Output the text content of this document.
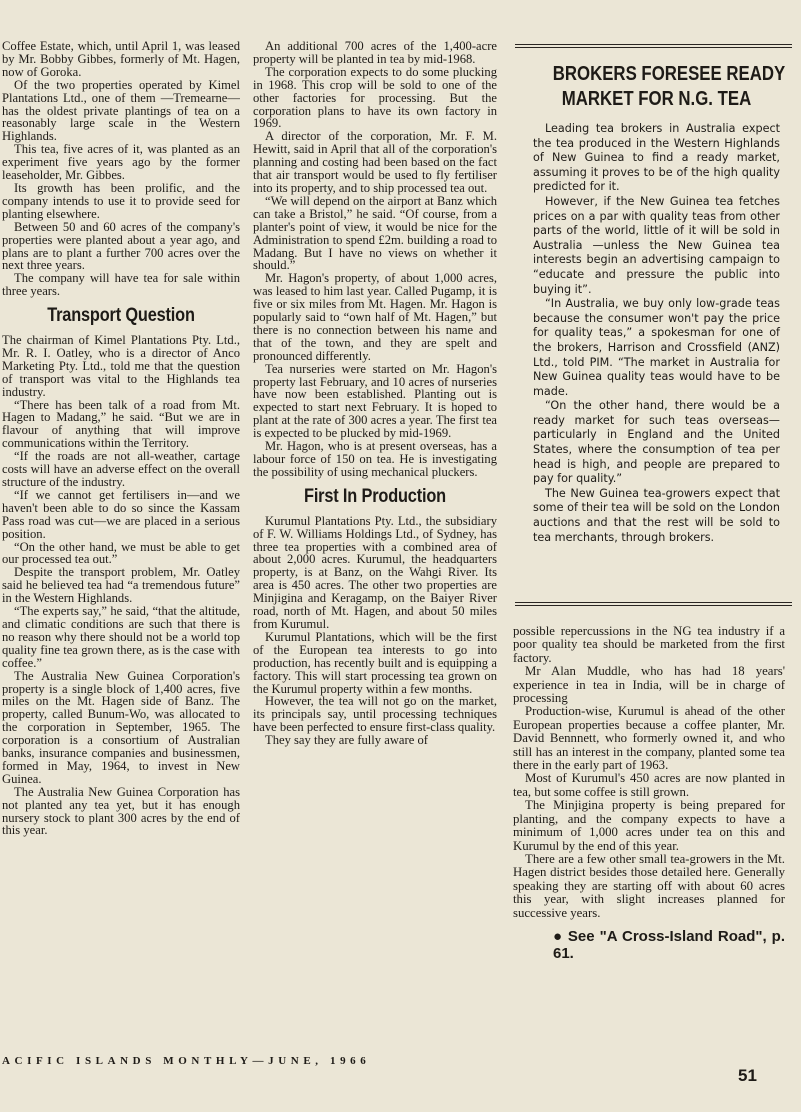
Coffee Estate, which, until April 1, was leased by Mr. Bobby Gibbes, formerly of Mt. Hagen, now of Goroka.

Of the two properties operated by Kimel Plantations Ltd., one of them —Tremearne—has the oldest private plantings of tea on a reasonably large scale in the Western Highlands.

This tea, five acres of it, was planted as an experiment five years ago by the former leaseholder, Mr. Gibbes.

Its growth has been prolific, and the company intends to use it to provide seed for planting elsewhere.

Between 50 and 60 acres of the company's properties were planted about a year ago, and plans are to plant a further 700 acres over the next three years.

The company will have tea for sale within three years.

Transport Question

The chairman of Kimel Plantations Pty. Ltd., Mr. R. I. Oatley, who is a director of Anco Marketing Pty. Ltd., told me that the question of transport was vital to the Highlands tea industry.

“There has been talk of a road from Mt. Hagen to Madang,” he said. “But we are in flavour of anything that will improve communications within the Territory.

“If the roads are not all-weather, cartage costs will have an adverse effect on the overall structure of the industry.

“If we cannot get fertilisers in—and we haven't been able to do so since the Kassam Pass road was cut—we are placed in a serious position.

“On the other hand, we must be able to get our processed tea out.”

Despite the transport problem, Mr. Oatley said he believed tea had “a tremendous future” in the Western Highlands.

“The experts say,” he said, “that the altitude, and climatic conditions are such that there is no reason why there should not be a world top quality fine tea grown there, as is the case with coffee.”

The Australia New Guinea Corporation's property is a single block of 1,400 acres, five miles on the Mt. Hagen side of Banz. The property, called Bunum-Wo, was allocated to the corporation in September, 1965. The corporation is a consortium of Australian banks, insurance companies and businessmen, formed in May, 1964, to invest in New Guinea.

The Australia New Guinea Corporation has not planted any tea yet, but it has enough nursery stock to plant 300 acres by the end of this year.

An additional 700 acres of the 1,400-acre property will be planted in tea by mid-1968.

The corporation expects to do some plucking in 1968. This crop will be sold to one of the other factories for processing. But the corporation plans to have its own factory in 1969.

A director of the corporation, Mr. F. M. Hewitt, said in April that all of the corporation's planning and costing had been based on the fact that air transport would be used to fly fertiliser into its property, and to ship processed tea out.

“We will depend on the airport at Banz which can take a Bristol,” he said. “Of course, from a planter's point of view, it would be nice for the Administration to spend £2m. building a road to Madang. But I have no views on whether it should.”

Mr. Hagon's property, of about 1,000 acres, was leased to him last year. Called Pugamp, it is five or six miles from Mt. Hagen. Mr. Hagon is popularly said to “own half of Mt. Hagen,” but there is no connection between his name and that of the town, and they are spelt and pronounced differently.

Tea nurseries were started on Mr. Hagon's property last February, and 10 acres of nurseries have now been established. Planting out is expected to start next February. It is hoped to plant at the rate of 300 acres a year. The first tea is expected to be plucked by mid-1969.

Mr. Hagon, who is at present overseas, has a labour force of 150 on tea. He is investigating the possibility of using mechanical pluckers.

First In Production

Kurumul Plantations Pty. Ltd., the subsidiary of F. W. Williams Holdings Ltd., of Sydney, has three tea properties with a combined area of about 2,000 acres. Kurumul, the headquarters property, is at Banz, on the Wahgi River. Its area is 450 acres. The other two properties are Minjigina and Keragamp, on the Baiyer River road, north of Mt. Hagen, and about 50 miles from Kurumul.

Kurumul Plantations, which will be the first of the European tea interests to go into production, has recently built and is equipping a factory. This will start processing tea grown on the Kurumul property within a few months.

However, the tea will not go on the market, its principals say, until processing techniques have been perfected to ensure first-class quality.

They say they are fully aware of

BROKERS FORESEE READY
MARKET FOR N.G. TEA

Leading tea brokers in Australia expect the tea produced in the Western Highlands of New Guinea to find a ready market, assuming it proves to be of the high quality predicted for it.

However, if the New Guinea tea fetches prices on a par with quality teas from other parts of the world, little of it will be sold in Australia —unless the New Guinea tea interests begin an advertising campaign to “educate and pressure the public into buying it”.

“In Australia, we buy only low-grade teas because the consumer won't pay the price for quality teas,” a spokesman for one of the brokers, Harrison and Crossfield (ANZ) Ltd., told PIM. “The market in Australia for New Guinea quality teas would have to be made.

“On the other hand, there would be a ready market for such teas overseas—particularly in England and the United States, where the consumption of tea per head is high, and people are prepared to pay for quality.”

The New Guinea tea-growers expect that some of their tea will be sold on the London auctions and that the rest will be sold to tea merchants, through brokers.

possible repercussions in the NG tea industry if a poor quality tea should be marketed from the first factory.

Mr Alan Muddle, who has had 18 years' experience in tea in India, will be in charge of processing

Production-wise, Kurumul is ahead of the other European properties because a coffee planter, Mr. David Bennnett, who formerly owned it, and who still has an interest in the company, planted some tea there in the early part of 1963.

Most of Kurumul's 450 acres are now planted in tea, but some coffee is still grown.

The Minjigina property is being prepared for planting, and the company expects to have a minimum of 1,000 acres under tea on this and Kurumul by the end of this year.

There are a few other small tea-growers in the Mt. Hagen district besides those detailed here. Generally speaking they are starting off with about 60 acres this year, with slight increases planned for successive years.

● See "A Cross-Island Road", p. 61.
ACIFIC ISLANDS MONTHLY—JUNE, 1966
51
